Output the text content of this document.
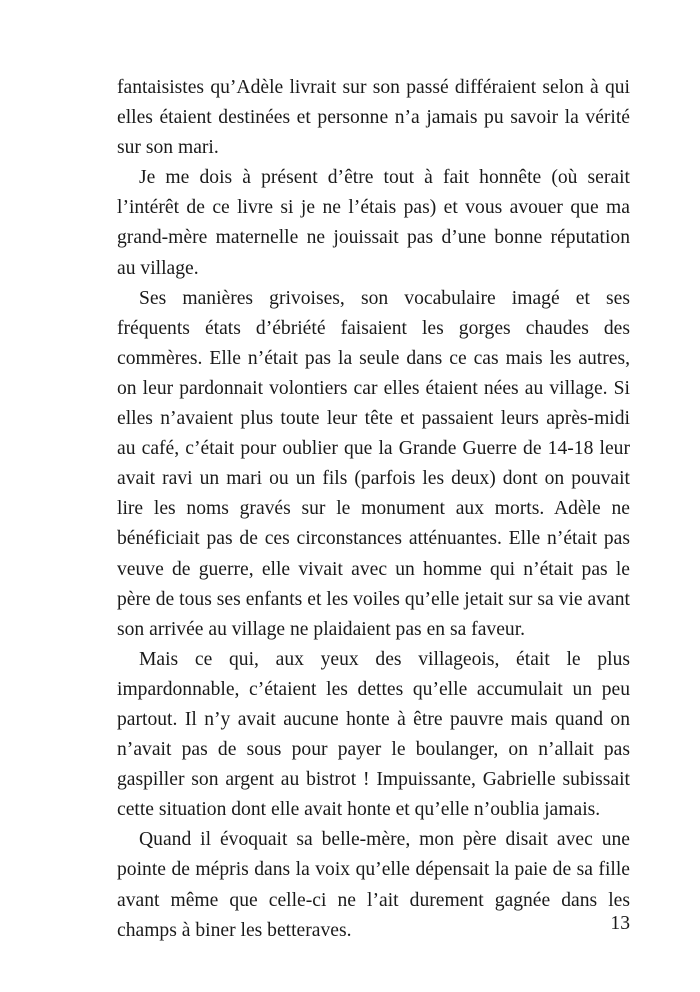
fantaisistes qu’Adèle livrait sur son passé différaient selon à qui
elles étaient destinées et personne n’a jamais pu savoir la vérité
sur son mari.
Je me dois à présent d’être tout à fait honnête (où serait
l’intérêt de ce livre si je ne l’étais pas) et vous avouer que ma
grand-mère maternelle ne jouissait pas d’une bonne réputation
au village.
Ses manières grivoises, son vocabulaire imagé et ses
fréquents états d’ébriété faisaient les gorges chaudes des
commères. Elle n’était pas la seule dans ce cas mais les autres,
on leur pardonnait volontiers car elles étaient nées au village. Si
elles n’avaient plus toute leur tête et passaient leurs après-midi
au café, c’était pour oublier que la Grande Guerre de 14-18 leur
avait ravi un mari ou un fils (parfois les deux) dont on pouvait
lire les noms gravés sur le monument aux morts. Adèle ne
bénéficiait pas de ces circonstances atténuantes. Elle n’était pas
veuve de guerre, elle vivait avec un homme qui n’était pas le
père de tous ses enfants et les voiles qu’elle jetait sur sa vie avant
son arrivée au village ne plaidaient pas en sa faveur.
Mais ce qui, aux yeux des villageois, était le plus
impardonnable, c’étaient les dettes qu’elle accumulait un peu
partout. Il n’y avait aucune honte à être pauvre mais quand on
n’avait pas de sous pour payer le boulanger, on n’allait pas
gaspiller son argent au bistrot ! Impuissante, Gabrielle subissait
cette situation dont elle avait honte et qu’elle n’oublia jamais.
Quand il évoquait sa belle-mère, mon père disait avec une
pointe de mépris dans la voix qu’elle dépensait la paie de sa fille
avant même que celle-ci ne l’ait durement gagnée dans les
champs à biner les betteraves.	13
